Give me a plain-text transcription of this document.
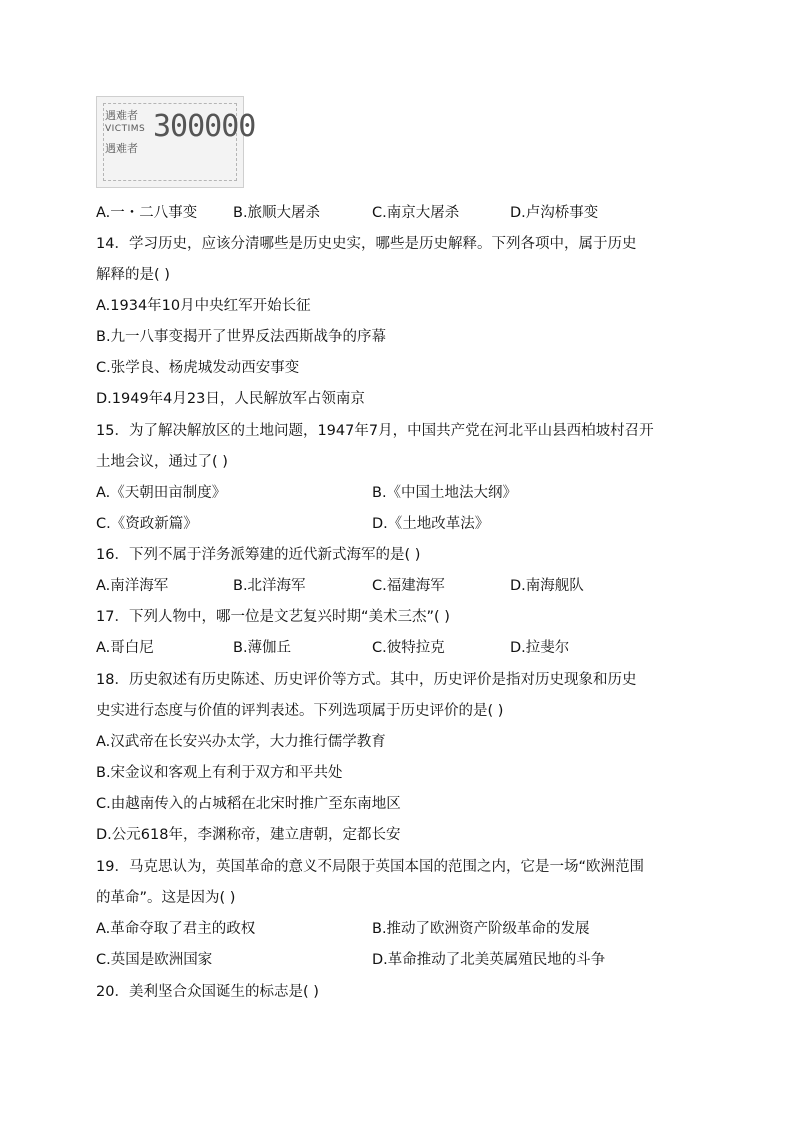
遇难者
VICTIMS
遇难者
300000
A.一・二八事变 B.旅顺大屠杀	C.南京大屠杀	D.卢沟桥事变
14．学习历史，应该分清哪些是历史史实，哪些是历史解释。下列各项中，属于历史
解释的是( )
A.1934年10月中央红军开始长征
B.九一八事变揭开了世界反法西斯战争的序幕
C.张学良、杨虎城发动西安事变
D.1949年4月23日，人民解放军占领南京
15．为了解决解放区的土地问题，1947年7月，中国共产党在河北平山县西柏坡村召开
土地会议，通过了( )
A.《天朝田亩制度》	B.《中国土地法大纲》
C.《资政新篇》	D.《土地改革法》
16．下列不属于洋务派筹建的近代新式海军的是( )
A.南洋海军	B.北洋海军	C.福建海军	D.南海舰队
17．下列人物中，哪一位是文艺复兴时期“美术三杰”( )
A.哥白尼	B.薄伽丘	C.彼特拉克	D.拉斐尔
18．历史叙述有历史陈述、历史评价等方式。其中，历史评价是指对历史现象和历史
史实进行态度与价值的评判表述。下列选项属于历史评价的是( )
A.汉武帝在长安兴办太学，大力推行儒学教育
B.宋金议和客观上有利于双方和平共处
C.由越南传入的占城稻在北宋时推广至东南地区
D.公元618年，李渊称帝，建立唐朝，定都长安
19．马克思认为，英国革命的意义不局限于英国本国的范围之内，它是一场“欧洲范围
的革命”。这是因为( )
A.革命夺取了君主的政权	B.推动了欧洲资产阶级革命的发展
C.英国是欧洲国家	D.革命推动了北美英属殖民地的斗争
20．美利坚合众国诞生的标志是( )
